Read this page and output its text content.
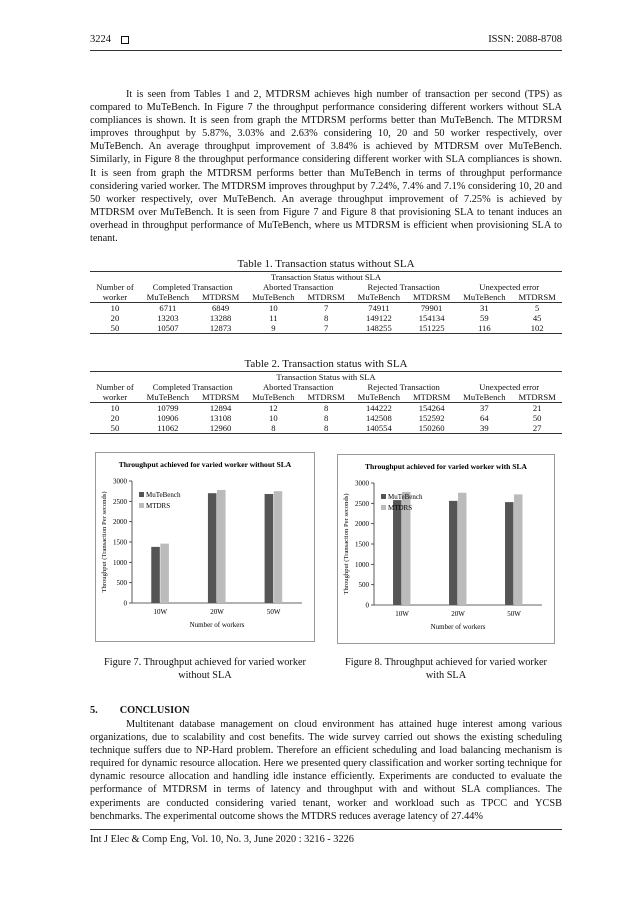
3224	ISSN: 2088-8708

It is seen from Tables 1 and 2, MTDRSM achieves high number of transaction per second (TPS) as compared to MuTeBench. In Figure 7 the throughput performance considering different workers without SLA compliances is shown. It is seen from graph the MTDRSM performs better than MuTeBench. The MTDRSM improves throughput by 5.87%, 3.03% and 2.63% considering 10, 20 and 50 worker respectively, over MuTeBench. An average throughput improvement of 3.84% is achieved by MTDRSM over MuTeBench. Similarly, in Figure 8 the throughput performance considering different worker with SLA compliances is shown. It is seen from graph the MTDRSM performs better than MuTeBench in terms of throughput performance considering varied worker. The MTDRSM improves throughput by 7.24%, 7.4% and 7.1% considering 10, 20 and 50 worker respectively, over MuTeBench. An average throughput improvement of 7.25% is achieved by MTDRSM over MuTeBench. It is seen from Figure 7 and Figure 8 that provisioning SLA to tenant induces an overhead in throughput performance of MuTeBench, where us MTDRSM is efficient when provisioning SLA to tenant.

Table 1. Transaction status without SLA
Transaction Status without SLA								
Number of	Completed Transaction		Aborted Transaction		Rejected Transaction		Unexpected error	
worker	MuTeBench	MTDRSM	MuTeBench	MTDRSM	MuTeBench	MTDRSM	MuTeBench	MTDRSM
10	6711	6849	10	7	74911	79901	31	5
20	13203	13288	11	8	149122	154134	59	45
50	10507	12873	9	7	148255	151225	116	102
Table 2. Transaction status with SLA
Transaction Status with SLA								
Number of	Completed Transaction		Aborted Transaction		Rejected Transaction		Unexpected error	
worker	MuTeBench	MTDRSM	MuTeBench	MTDRSM	MuTeBench	MTDRSM	MuTeBench	MTDRSM
10	10799	12894	12	8	144222	154264	37	21
20	10906	13108	10	8	142508	152592	64	50
50	11062	12960	8	8	140554	150260	39	27
Throughput achieved for varied worker without SLA
0
500
1000
1500
2000
2500
3000
Throughput (Transaction Per seconds)
10W	20W	50W
Number of workers
MuTeBench
MTDRS
Figure 7. Throughput achieved for varied worker
without SLA
Throughput achieved for varied worker with SLA
0
500
1000
1500
2000
2500
3000
Throughput (Transaction Per seconds)
10W	20W	50W
Number of workers
MuTeBench
MTDRS
Figure 8. Throughput achieved for varied worker
with SLA
5. CONCLUSION

Multitenant database management on cloud environment has attained huge interest among various organizations, due to scalability and cost benefits. The wide survey carried out shows the existing scheduling technique suffers due to NP-Hard problem. Therefore an efficient scheduling and load balancing mechanism is required for dynamic resource allocation. Here we presented query classification and worker sorting technique for dynamic resource allocation and handling idle instance efficiently. Experiments are conducted to evaluate the performance of MTDRSM in terms of latency and throughput with and without SLA compliances. The experiments are conducted considering varied tenant, worker and workload such as TPCC and YCSB benchmarks. The experimental outcome shows the MTDRS reduces average latency of 27.44%

Int J Elec & Comp Eng, Vol. 10, No. 3, June 2020 : 3216 - 3226
